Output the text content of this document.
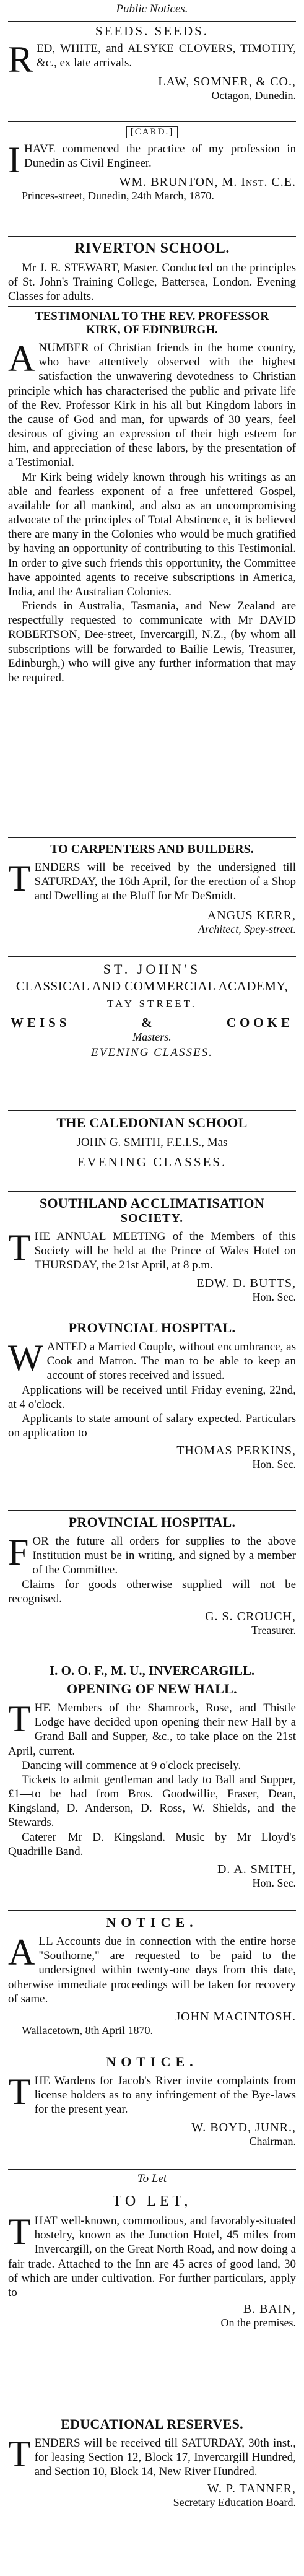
Public Notices.
SEEDS. SEEDS.
R ED, WHITE, and ALSYKE CLOVERS, TIMOTHY, &c., ex late arrivals.
LAW, SOMNER, & CO.,
Octagon, Dunedin.
[CARD.]
I HAVE commenced the practice of my profession in Dunedin as Civil Engineer.
WM. BRUNTON, M. Inst. C.E.
Princes-street, Dunedin, 24th March, 1870.
RIVERTON SCHOOL.

Mr J. E. STEWART, Master. Conducted on the principles of St. John's Training College, Battersea, London. Evening Classes for adults.

TESTIMONIAL TO THE REV. PROFESSOR
KIRK, OF EDINBURGH.
A NUMBER of Christian friends in the home country, who have attentively observed with the highest satisfaction the unwavering devotedness to Christian principle which has characterised the public and private life of the Rev. Professor Kirk in his all but Kingdom labors in the cause of God and man, for upwards of 30 years, feel desirous of giving an expression of their high esteem for him, and appreciation of these labors, by the presentation of a Testimonial.

Mr Kirk being widely known through his writings as an able and fearless exponent of a free unfettered Gospel, available for all mankind, and also as an uncompromising advocate of the principles of Total Abstinence, it is believed there are many in the Colonies who would be much gratified by having an opportunity of contributing to this Testimonial. In order to give such friends this opportunity, the Committee have appointed agents to receive subscriptions in America, India, and the Australian Colonies.

Friends in Australia, Tasmania, and New Zealand are respectfully requested to communicate with Mr DAVID ROBERTSON, Dee-street, Invercargill, N.Z., (by whom all subscriptions will be forwarded to Bailie Lewis, Treasurer, Edinburgh,) who will give any further information that may be required.

TO CARPENTERS AND BUILDERS.
T ENDERS will be received by the undersigned till SATURDAY, the 16th April, for the erection of a Shop and Dwelling at the Bluff for Mr DeSmidt.
ANGUS KERR,
Architect, Spey-street.
ST. JOHN'S
CLASSICAL AND COMMERCIAL ACADEMY,
TAY STREET.
WEISS	&	COOKE
Masters.
EVENING CLASSES.
THE CALEDONIAN SCHOOL
JOHN G. SMITH, F.E.I.S., Mas
EVENING CLASSES.
SOUTHLAND ACCLIMATISATION
SOCIETY.
T HE ANNUAL MEETING of the Members of this Society will be held at the Prince of Wales Hotel on THURSDAY, the 21st April, at 8 p.m.
EDW. D. BUTTS,
Hon. Sec.
PROVINCIAL HOSPITAL.
W ANTED a Married Couple, without encumbrance, as Cook and Matron. The man to be able to keep an account of stores received and issued.

Applications will be received until Friday evening, 22nd, at 4 o'clock.

Applicants to state amount of salary expected. Particulars on application to

THOMAS PERKINS,
Hon. Sec.
PROVINCIAL HOSPITAL.
F OR the future all orders for supplies to the above Institution must be in writing, and signed by a member of the Committee.

Claims for goods otherwise supplied will not be recognised.

G. S. CROUCH,
Treasurer.
I. O. O. F., M. U., INVERCARGILL.
OPENING OF NEW HALL.
T HE Members of the Shamrock, Rose, and Thistle Lodge have decided upon opening their new Hall by a Grand Ball and Supper, &c., to take place on the 21st April, current.

Dancing will commence at 9 o'clock precisely.

Tickets to admit gentleman and lady to Ball and Supper, £1—to be had from Bros. Goodwillie, Fraser, Dean, Kingsland, D. Anderson, D. Ross, W. Shields, and the Stewards.

Caterer—Mr D. Kingsland. Music by Mr Lloyd's Quadrille Band.

D. A. SMITH,
Hon. Sec.
NOTICE.
A LL Accounts due in connection with the entire horse "Southorne," are requested to be paid to the undersigned within twenty-one days from this date, otherwise immediate proceedings will be taken for recovery of same.
JOHN MACINTOSH.
Wallacetown, 8th April 1870.
NOTICE.
T HE Wardens for Jacob's River invite complaints from license holders as to any infringement of the Bye-laws for the present year.
W. BOYD, JUNR.,
Chairman.
To Let
TO LET,
T HAT well-known, commodious, and favorably-situated hostelry, known as the Junction Hotel, 45 miles from Invercargill, on the Great North Road, and now doing a fair trade. Attached to the Inn are 45 acres of good land, 30 of which are under cultivation. For further particulars, apply to
B. BAIN,
On the premises.
EDUCATIONAL RESERVES.
T ENDERS will be received till SATURDAY, 30th inst., for leasing Section 12, Block 17, Invercargill Hundred, and Section 10, Block 14, New River Hundred.
W. P. TANNER,
Secretary Education Board.
